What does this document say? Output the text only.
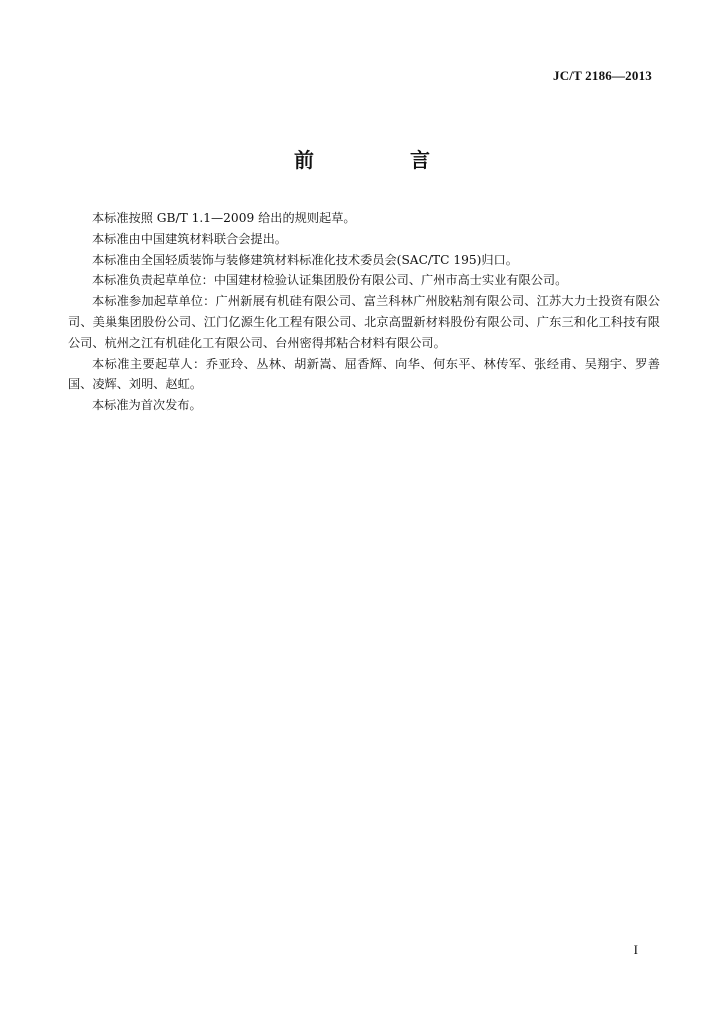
JC/T 2186—2013
前　言

本标准按照 GB/T 1.1—2009 给出的规则起草。

本标准由中国建筑材料联合会提出。

本标准由全国轻质装饰与装修建筑材料标准化技术委员会(SAC/TC 195)归口。

本标准负责起草单位：中国建材检验认证集团股份有限公司、广州市高士实业有限公司。

本标准参加起草单位：广州新展有机硅有限公司、富兰科林广州胶粘剂有限公司、江苏大力士投资有限公司、美巢集团股份公司、江门亿源生化工程有限公司、北京高盟新材料股份有限公司、广东三和化工科技有限公司、杭州之江有机硅化工有限公司、台州密得邦粘合材料有限公司。

本标准主要起草人：乔亚玲、丛林、胡新嵩、屈香辉、向华、何东平、林传军、张经甫、吴翔宇、罗善国、凌辉、刘明、赵虹。

本标准为首次发布。

I
